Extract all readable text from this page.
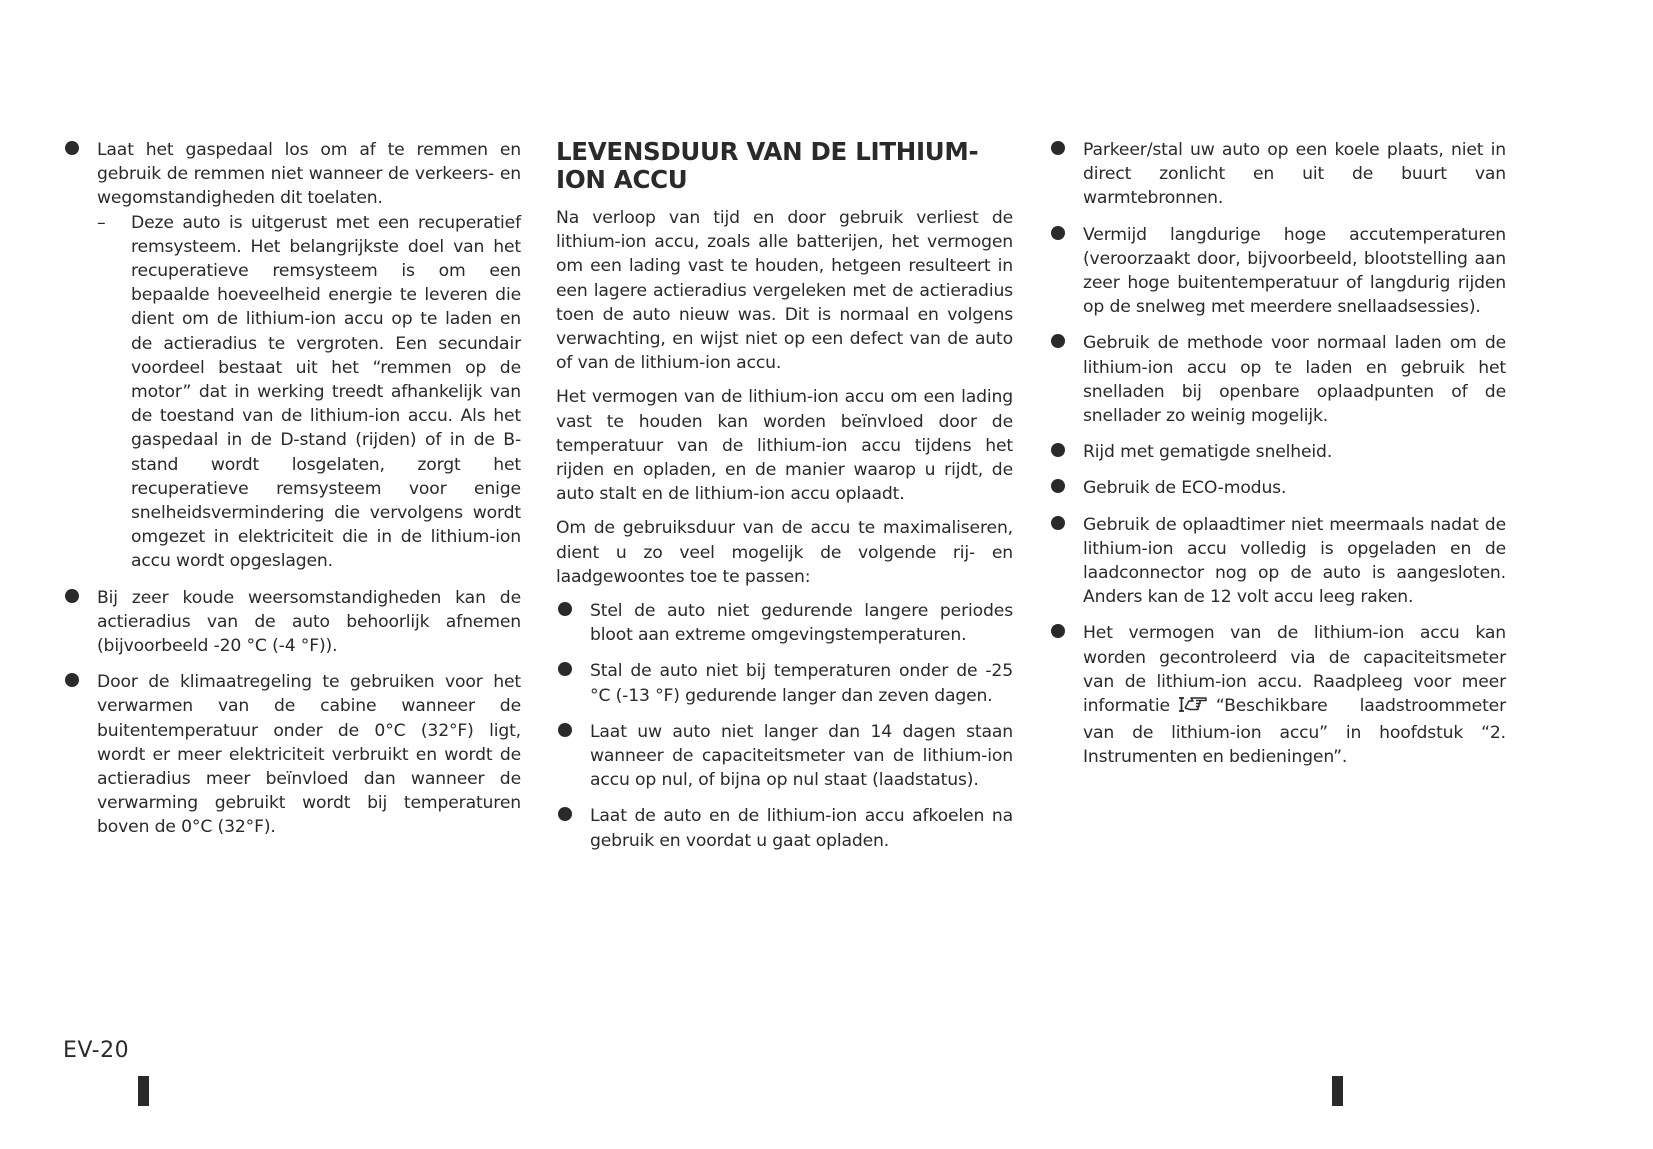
Laat het gaspedaal los om af te remmen en gebruik de remmen niet wanneer de verkeers- en wegomstandigheden dit toelaten.
– Deze auto is uitgerust met een recuperatief remsysteem. Het belangrijkste doel van het recuperatieve remsysteem is om een bepaalde hoeveelheid energie te leveren die dient om de lithium-ion accu op te laden en de actieradius te vergroten. Een secundair voordeel bestaat uit het “remmen op de motor” dat in werking treedt afhankelijk van de toestand van de lithium-ion accu. Als het gaspedaal in de D-stand (rijden) of in de B-stand wordt losgelaten, zorgt het recuperatieve remsysteem voor enige snelheidsvermindering die vervolgens wordt omgezet in elektriciteit die in de lithium-ion accu wordt opgeslagen.
Bij zeer koude weersomstandigheden kan de actieradius van de auto behoorlijk afnemen (bijvoorbeeld -20 °C (-4 °F)).
Door de klimaatregeling te gebruiken voor het verwarmen van de cabine wanneer de buitentemperatuur onder de 0°C (32°F) ligt, wordt er meer elektriciteit verbruikt en wordt de actieradius meer beïnvloed dan wanneer de verwarming gebruikt wordt bij temperaturen boven de 0°C (32°F).
LEVENSDUUR VAN DE LITHIUM-ION ACCU

Na verloop van tijd en door gebruik verliest de lithium-ion accu, zoals alle batterijen, het vermogen om een lading vast te houden, hetgeen resulteert in een lagere actieradius vergeleken met de actieradius toen de auto nieuw was. Dit is normaal en volgens verwachting, en wijst niet op een defect van de auto of van de lithium-ion accu.

Het vermogen van de lithium-ion accu om een lading vast te houden kan worden beïnvloed door de temperatuur van de lithium-ion accu tijdens het rijden en opladen, en de manier waarop u rijdt, de auto stalt en de lithium-ion accu oplaadt.

Om de gebruiksduur van de accu te maximaliseren, dient u zo veel mogelijk de volgende rij- en laadgewoontes toe te passen:

Stel de auto niet gedurende langere periodes bloot aan extreme omgevingstemperaturen.
Stal de auto niet bij temperaturen onder de -25 °C (-13 °F) gedurende langer dan zeven dagen.
Laat uw auto niet langer dan 14 dagen staan wanneer de capaciteitsmeter van de lithium-ion accu op nul, of bijna op nul staat (laadstatus).
Laat de auto en de lithium-ion accu afkoelen na gebruik en voordat u gaat opladen.
Parkeer/stal uw auto op een koele plaats, niet in direct zonlicht en uit de buurt van warmtebronnen.
Vermijd langdurige hoge accutemperaturen (veroorzaakt door, bijvoorbeeld, blootstelling aan zeer hoge buitentemperatuur of langdurig rijden op de snelweg met meerdere snellaadsessies).
Gebruik de methode voor normaal laden om de lithium-ion accu op te laden en gebruik het snelladen bij openbare oplaadpunten of de snellader zo weinig mogelijk.
Rijd met gematigde snelheid.
Gebruik de ECO-modus.
Gebruik de oplaadtimer niet meermaals nadat de lithium-ion accu volledig is opgeladen en de laadconnector nog op de auto is aangesloten. Anders kan de 12 volt accu leeg raken.
Het vermogen van de lithium-ion accu kan worden gecontroleerd via de capaciteitsmeter van de lithium-ion accu. Raadpleeg voor meer informatie	“Beschikbare laadstroommeter van de lithium-ion accu” in hoofdstuk “2. Instrumenten en bedieningen”.
EV-20
